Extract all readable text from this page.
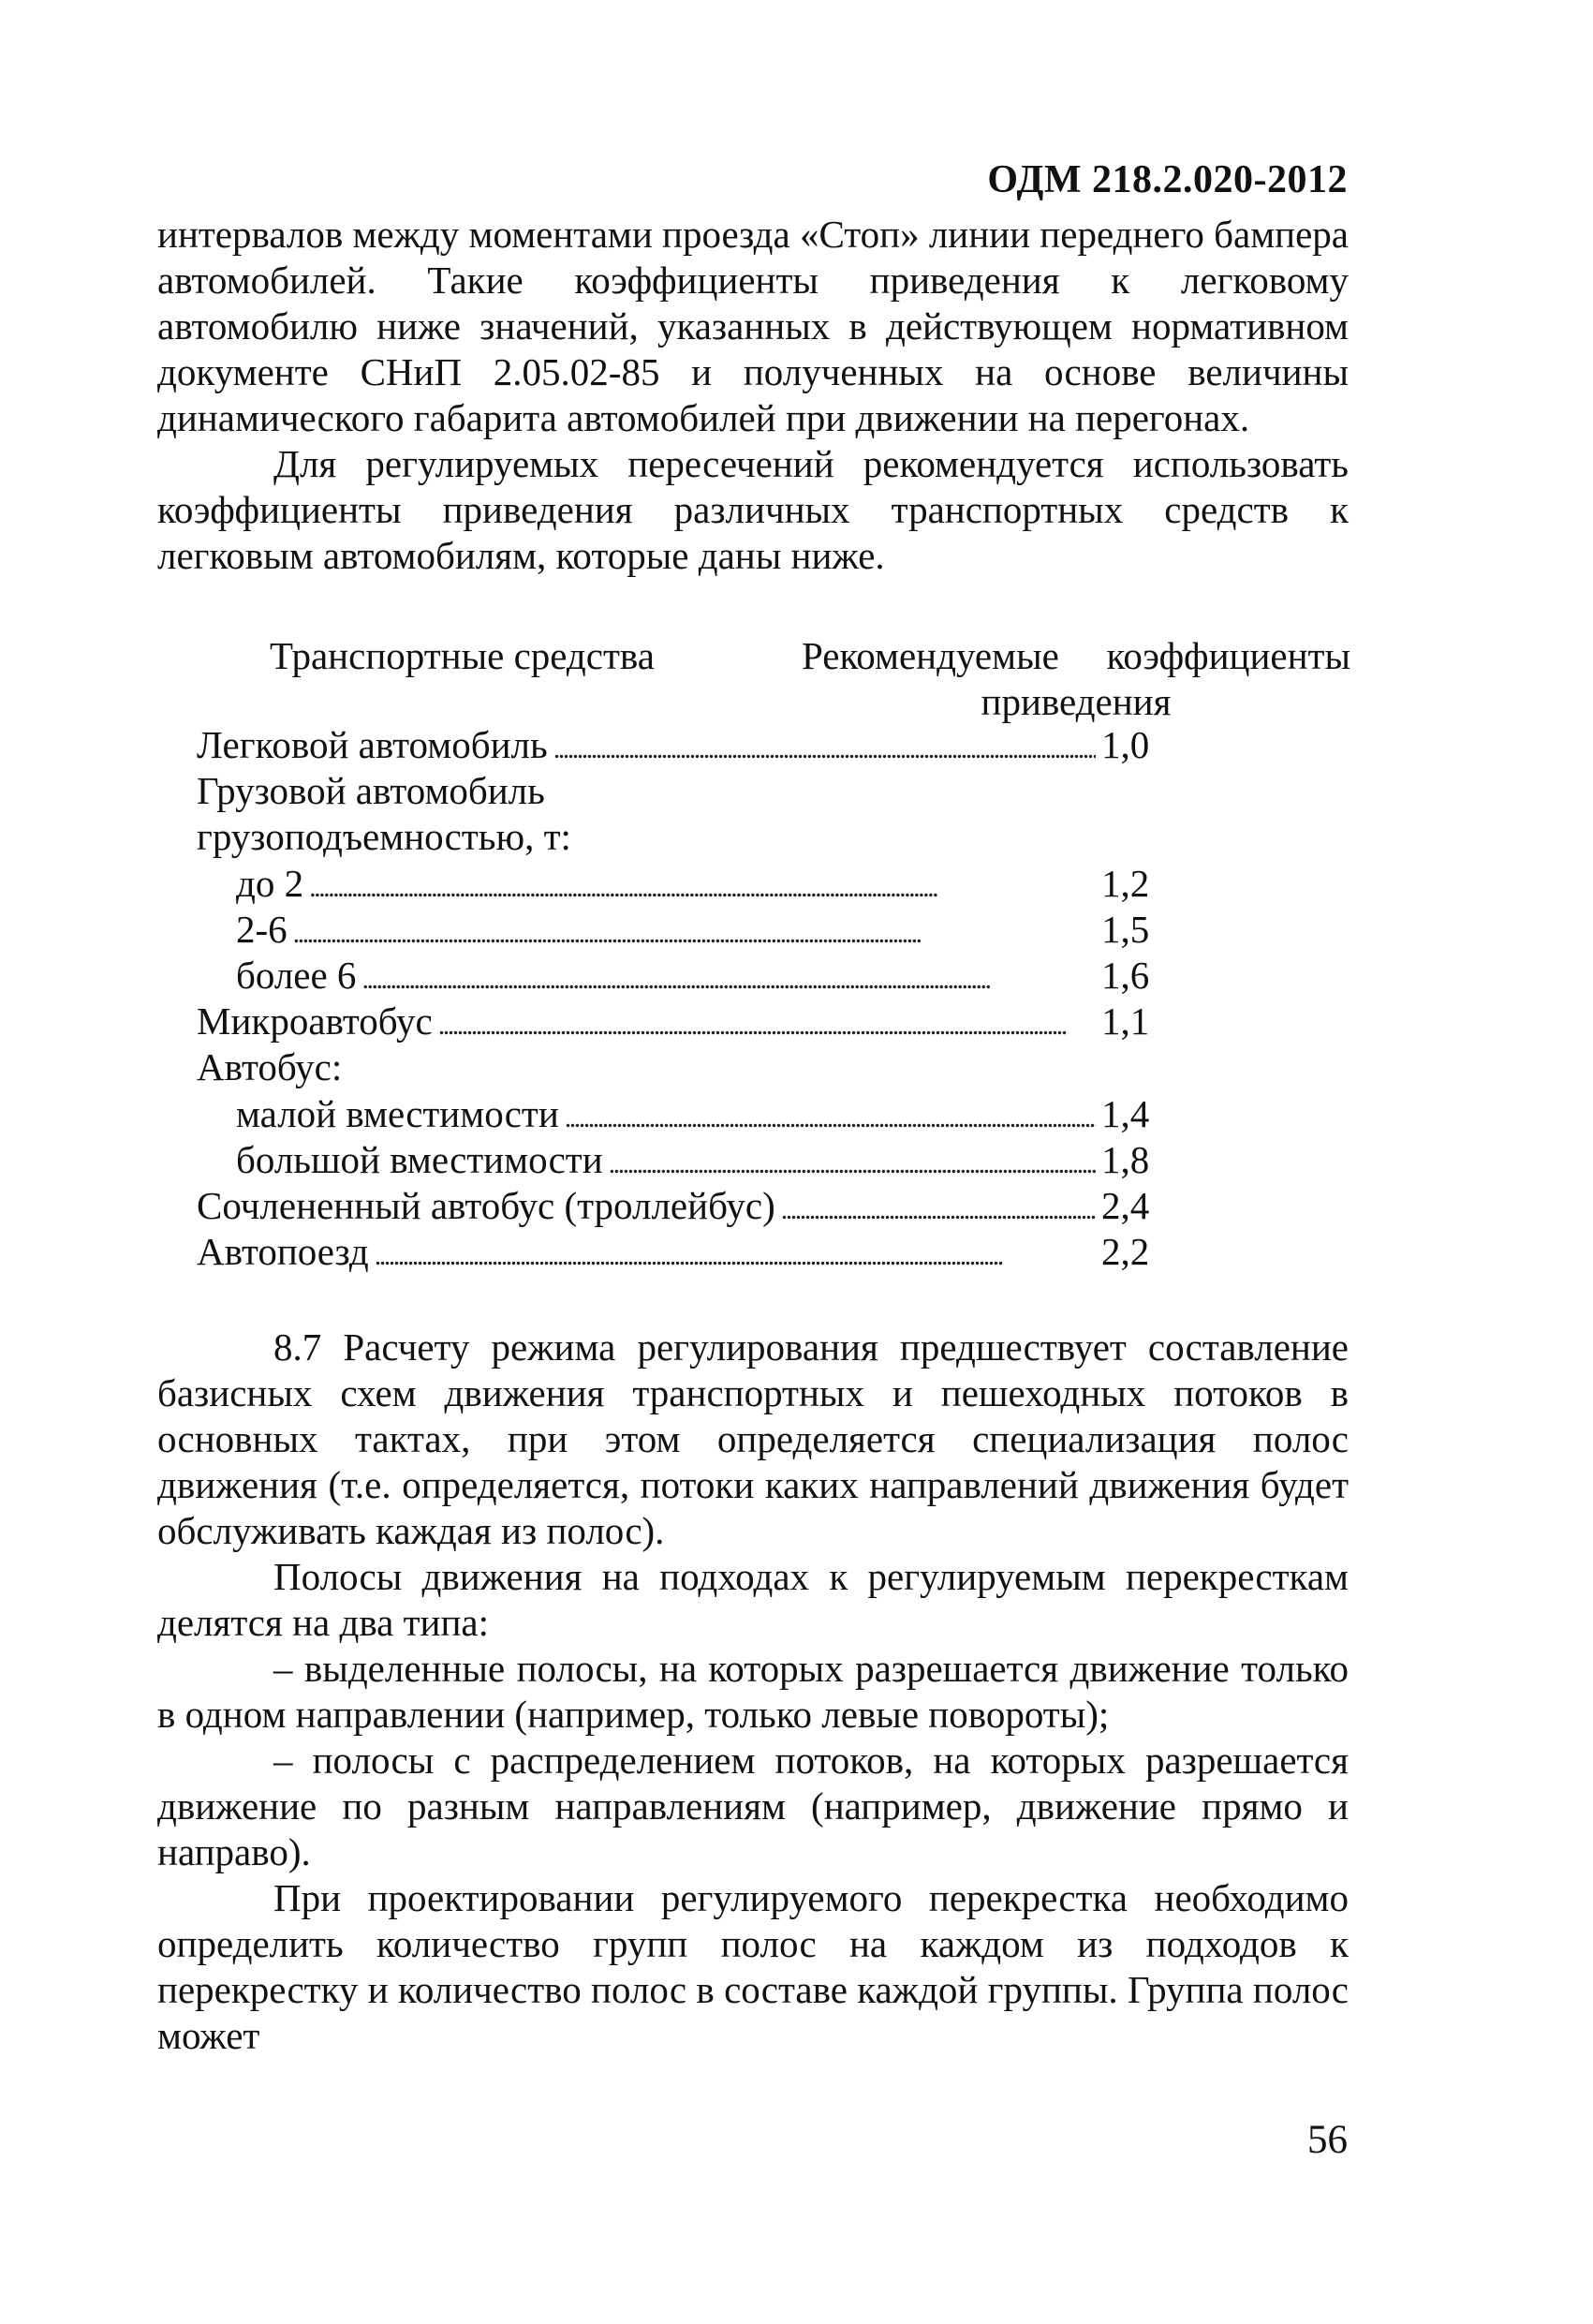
ОДМ 218.2.020-2012

интервалов между моментами проезда «Стоп» линии переднего бампера автомобилей. Такие коэффициенты приведения к легковому автомобилю ниже значений, указанных в действующем нормативном документе СНиП 2.05.02-85 и полученных на основе величины динамического габарита автомобилей при движении на перегонах.

Для регулируемых пересечений рекомендуется использовать коэффициенты приведения различных транспортных средств к легковым автомобилям, которые даны ниже.

Транспортные средства	Рекомендуемые коэффициенты
приведения
Легковой автомобиль . . .	1,0
Грузовой автомобиль
грузоподъемностью, т:
до 2 . . .	1,2
2-6 . . .	1,5
более 6 . . .	1,6
Микроавтобус . . .	1,1
Автобус:
малой вместимости . . .	1,4
большой вместимости . . .	1,8
Сочлененный автобус (троллейбус) . . .	2,4
Автопоезд . . .	2,2

8.7 Расчету режима регулирования предшествует составление базисных схем движения транспортных и пешеходных потоков в основных тактах, при этом определяется специализация полос движения (т.е. определяется, потоки каких направлений движения будет обслуживать каждая из полос).

Полосы движения на подходах к регулируемым перекресткам делятся на два типа:

– выделенные полосы, на которых разрешается движение только в одном направлении (например, только левые повороты);

– полосы с распределением потоков, на которых разрешается движение по разным направлениям (например, движение прямо и направо).

При проектировании регулируемого перекрестка необходимо определить количество групп полос на каждом из подходов к перекрестку и количество полос в составе каждой группы. Группа полос может

56
